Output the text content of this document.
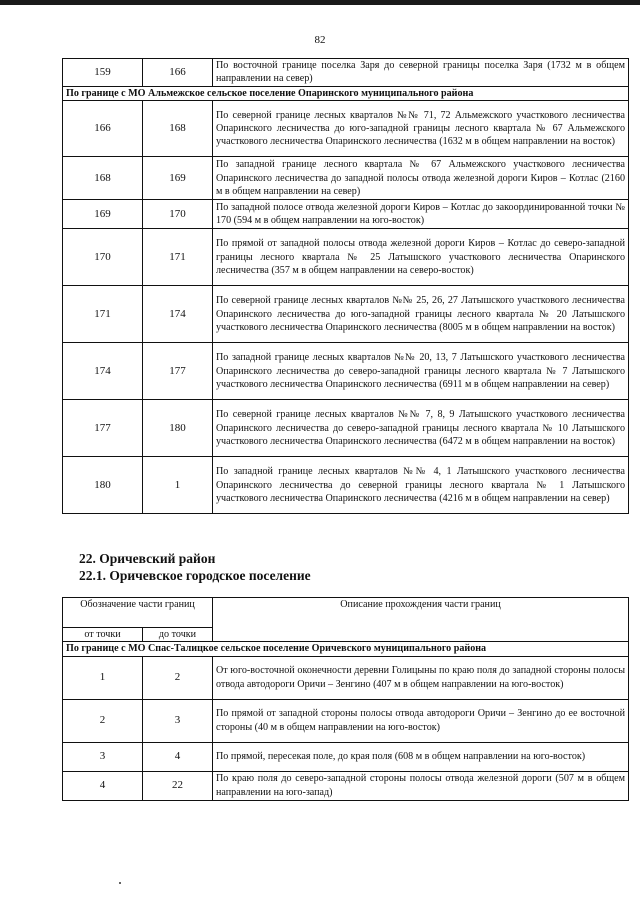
82
159	166	По восточной границе поселка Заря до северной границы поселка Заря (1732 м в общем направлении на север)
По границе с МО Альмежское сельское поселение Опаринского муниципального района		
166	168	По северной границе лесных кварталов №№ 71, 72 Альмежского участкового лесничества Опаринского лесничества до юго-западной границы лесного квартала № 67 Альмежского участкового лесничества Опаринского лесничества (1632 м в общем направлении на восток)
168	169	По западной границе лесного квартала № 67 Альмежского участкового лесничества Опаринского лесничества до западной полосы отвода железной дороги Киров – Котлас (2160 м в общем направлении на север)
169	170	По западной полосе отвода железной дороги Киров – Котлас до закоординированной точки № 170 (594 м в общем направлении на юго-восток)
170	171	По прямой от западной полосы отвода железной дороги Киров – Котлас до северо-западной границы лесного квартала № 25 Латышского участкового лесничества Опаринского лесничества (357 м в общем направлении на северо-восток)
171	174	По северной границе лесных кварталов №№ 25, 26, 27 Латышского участкового лесничества Опаринского лесничества до юго-западной границы лесного квартала № 20 Латышского участкового лесничества Опаринского лесничества (8005 м в общем направлении на восток)
174	177	По западной границе лесных кварталов №№ 20, 13, 7 Латышского участкового лесничества Опаринского лесничества до северо-западной границы лесного квартала № 7 Латышского участкового лесничества Опаринского лесничества (6911 м в общем направлении на север)
177	180	По северной границе лесных кварталов №№ 7, 8, 9 Латышского участкового лесничества Опаринского лесничества до северо-западной границы лесного квартала № 10 Латышского участкового лесничества Опаринского лесничества (6472 м в общем направлении на восток)
180	1	По западной границе лесных кварталов №№ 4, 1 Латышского участкового лесничества Опаринского лесничества до северной границы лесного квартала № 1 Латышского участкового лесничества Опаринского лесничества (4216 м в общем направлении на север)
22. Оричевский район
22.1. Оричевское городское поселение
Обозначение части границ		Описание прохождения части границ
от точки	до точки	
По границе с МО Спас-Талицкое сельское поселение Оричевского муниципального района		
1	2	От юго-восточной оконечности деревни Голицыны по краю поля до западной стороны полосы отвода автодороги Оричи – Зенгино (407 м в общем направлении на юго-восток)
2	3	По прямой от западной стороны полосы отвода автодороги Оричи – Зенгино до ее восточной стороны (40 м в общем направлении на юго-восток)
3	4	По прямой, пересекая поле, до края поля (608 м в общем направлении на юго-восток)
4	22	По краю поля до северо-западной стороны полосы отвода железной дороги (507 м в общем направлении на юго-запад)
